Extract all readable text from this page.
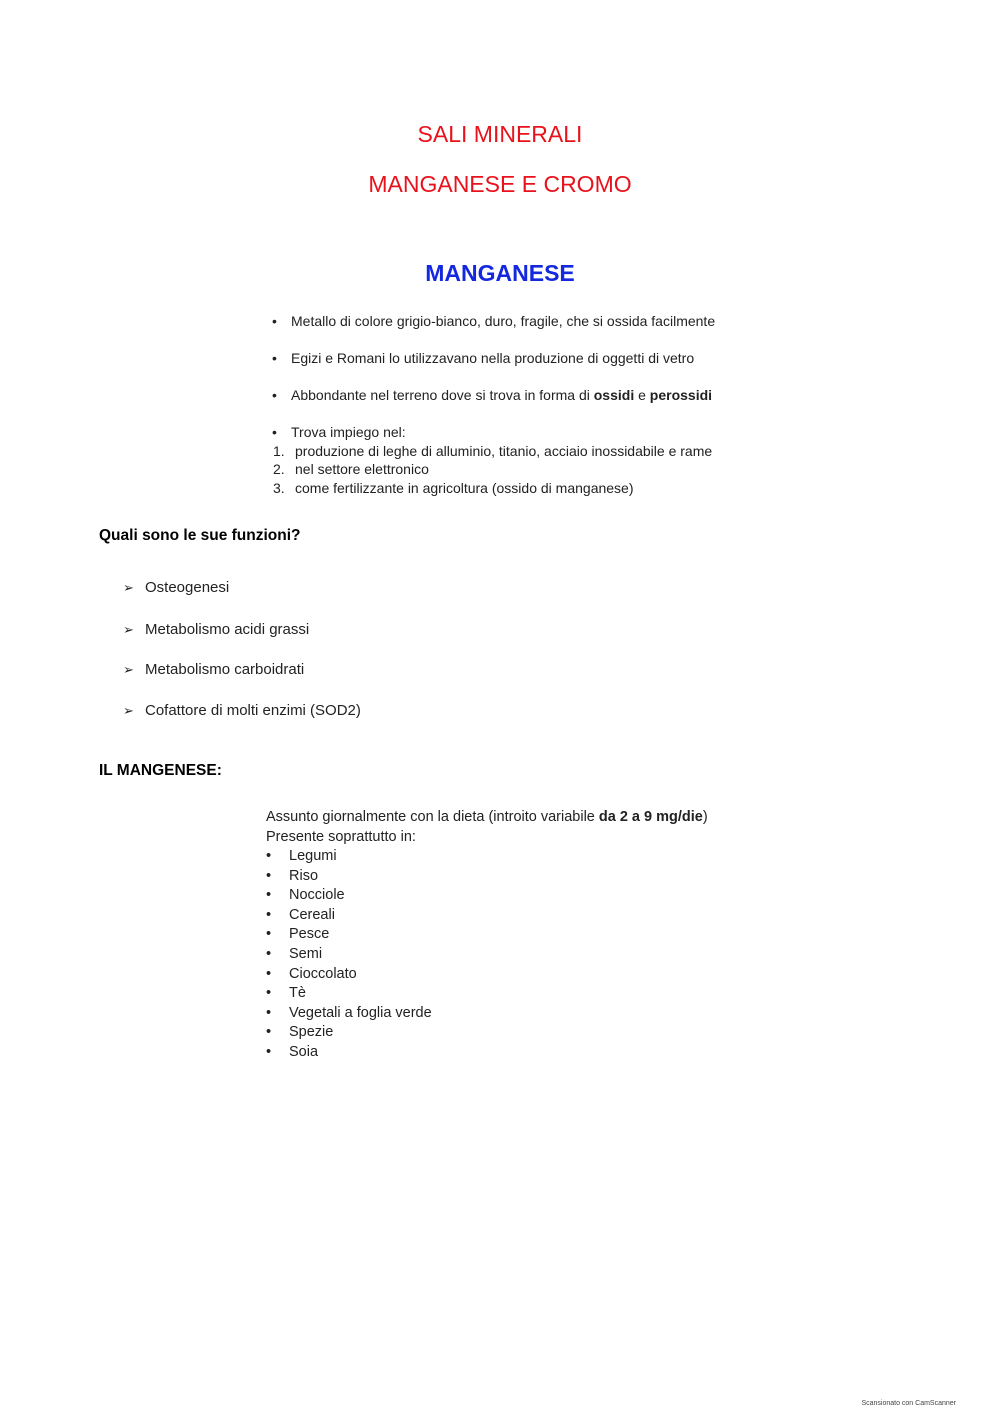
SALI MINERALI
MANGANESE E CROMO
MANGANESE
• Metallo di colore grigio-bianco, duro, fragile, che si ossida facilmente
• Egizi e Romani lo utilizzavano nella produzione di oggetti di vetro
• Abbondante nel terreno dove si trova in forma di ossidi e perossidi
• Trova impiego nel:
1. produzione di leghe di alluminio, titanio, acciaio inossidabile e rame
2. nel settore elettronico
3. come fertilizzante in agricoltura (ossido di manganese)
Quali sono le sue funzioni?
➢ Osteogenesi
➢ Metabolismo acidi grassi
➢ Metabolismo carboidrati
➢ Cofattore di molti enzimi (SOD2)
IL MANGENESE:
Assunto giornalmente con la dieta (introito variabile da 2 a 9 mg/die)
Presente soprattutto in:
• Legumi
• Riso
• Nocciole
• Cereali
• Pesce
• Semi
• Cioccolato
• Tè
• Vegetali a foglia verde
• Spezie
• Soia
Scansionato con CamScanner
